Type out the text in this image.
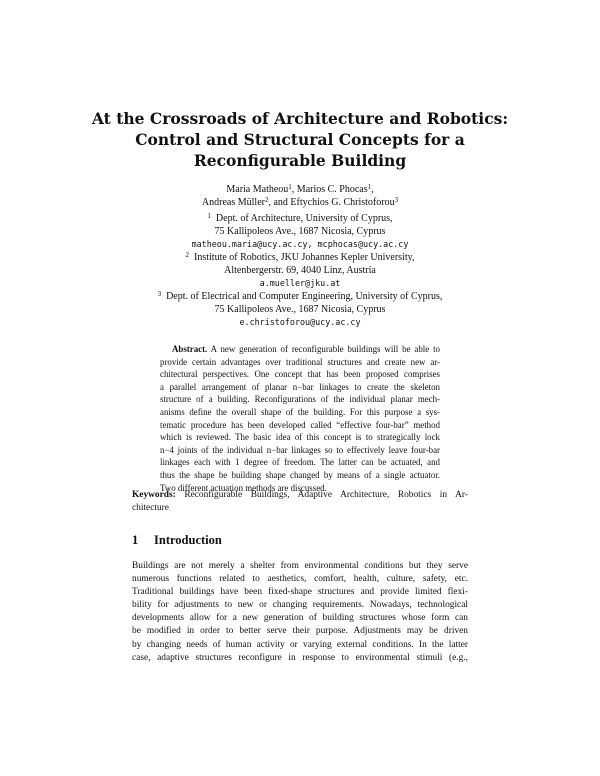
At the Crossroads of Architecture and Robotics:
Control and Structural Concepts for a
Reconfigurable Building
Maria Matheou$^1$, Marios C. Phocas$^1$,
Andreas Müller$^2$, and Eftychios G. Christoforou$^3$
$^1$ Dept. of Architecture, University of Cyprus,
75 Kallipoleos Ave., 1687 Nicosia, Cyprus
matheou.maria@ucy.ac.cy, mcphocas@ucy.ac.cy
$^2$ Institute of Robotics, JKU Johannes Kepler University,
Altenbergerstr. 69, 4040 Linz, Austria
a.mueller@jku.at
$^3$ Dept. of Electrical and Computer Engineering, University of Cyprus,
75 Kallipoleos Ave., 1687 Nicosia, Cyprus
e.christoforou@ucy.ac.cy
Abstract. A new generation of reconfigurable buildings will be able to
provide certain advantages over traditional structures and create new ar-
chitectural perspectives. One concept that has been proposed comprises
a parallel arrangement of planar n−bar linkages to create the skeleton
structure of a building. Reconfigurations of the individual planar mech-
anisms define the overall shape of the building. For this purpose a sys-
tematic procedure has been developed called “effective four-bar” method
which is reviewed. The basic idea of this concept is to strategically lock
n−4 joints of the individual n−bar linkages so to effectively leave four-bar
linkages each with 1 degree of freedom. The latter can be actuated, and
thus the shape be building shape changed by means of a single actuator.
Two different actuation methods are discussed.
Keywords: Reconfigurable Buildings, Adaptive Architecture, Robotics in Ar-
chitecture
1 Introduction
Buildings are not merely a shelter from environmental conditions but they serve
numerous functions related to aesthetics, comfort, health, culture, safety, etc.
Traditional buildings have been fixed-shape structures and provide limited flexi-
bility for adjustments to new or changing requirements. Nowadays, technological
developments allow for a new generation of building structures whose form can
be modified in order to better serve their purpose. Adjustments may be driven
by changing needs of human activity or varying external conditions. In the latter
case, adaptive structures reconfigure in response to environmental stimuli (e.g.,
